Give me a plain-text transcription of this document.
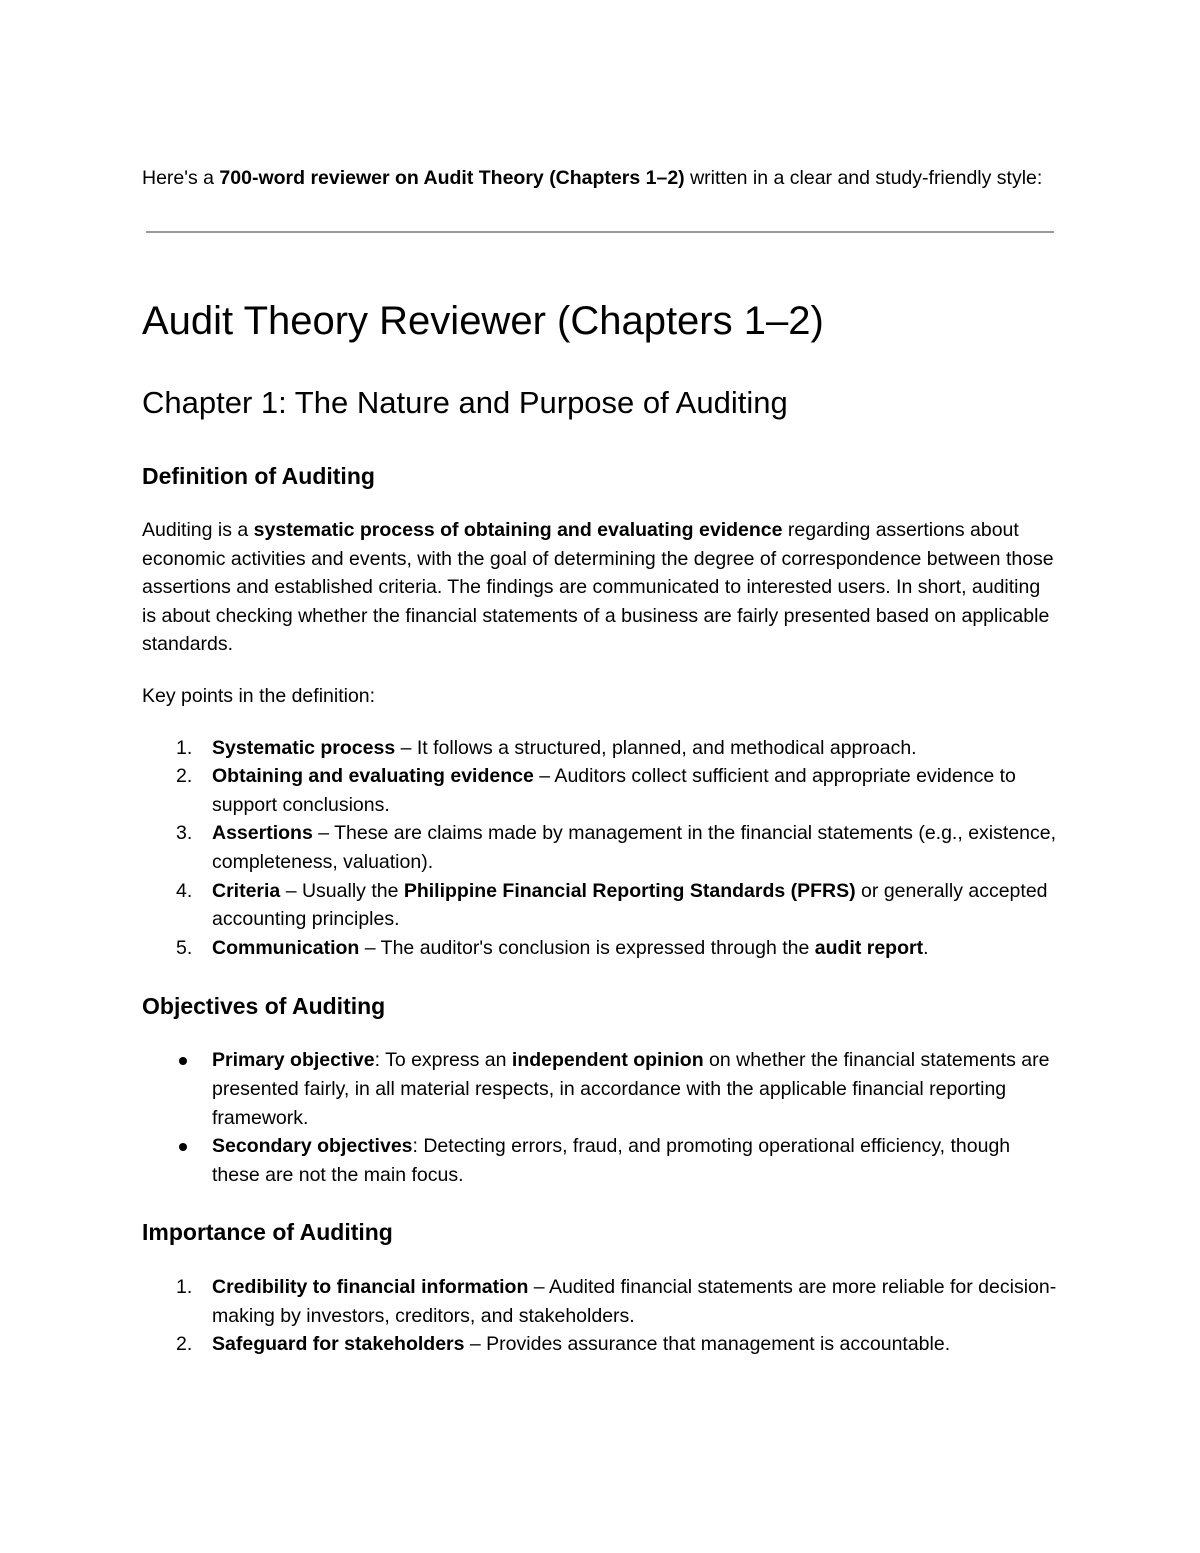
Here's a 700-word reviewer on Audit Theory (Chapters 1–2) written in a clear and study-friendly style:

Audit Theory Reviewer (Chapters 1–2)
Chapter 1: The Nature and Purpose of Auditing
Definition of Auditing

Auditing is a systematic process of obtaining and evaluating evidence regarding assertions about economic activities and events, with the goal of determining the degree of correspondence between those assertions and established criteria. The findings are communicated to interested users. In short, auditing is about checking whether the financial statements of a business are fairly presented based on applicable standards.

Key points in the definition:

1. Systematic process – It follows a structured, planned, and methodical approach.
2. Obtaining and evaluating evidence – Auditors collect sufficient and appropriate evidence to support conclusions.
3. Assertions – These are claims made by management in the financial statements (e.g., existence, completeness, valuation).
4. Criteria – Usually the Philippine Financial Reporting Standards (PFRS) or generally accepted accounting principles.
5. Communication – The auditor's conclusion is expressed through the audit report.
Objectives of Auditing
Primary objective: To express an independent opinion on whether the financial statements are presented fairly, in all material respects, in accordance with the applicable financial reporting framework.
Secondary objectives: Detecting errors, fraud, and promoting operational efficiency, though these are not the main focus.
Importance of Auditing
1. Credibility to financial information – Audited financial statements are more reliable for decision-making by investors, creditors, and stakeholders.
2. Safeguard for stakeholders – Provides assurance that management is accountable.
